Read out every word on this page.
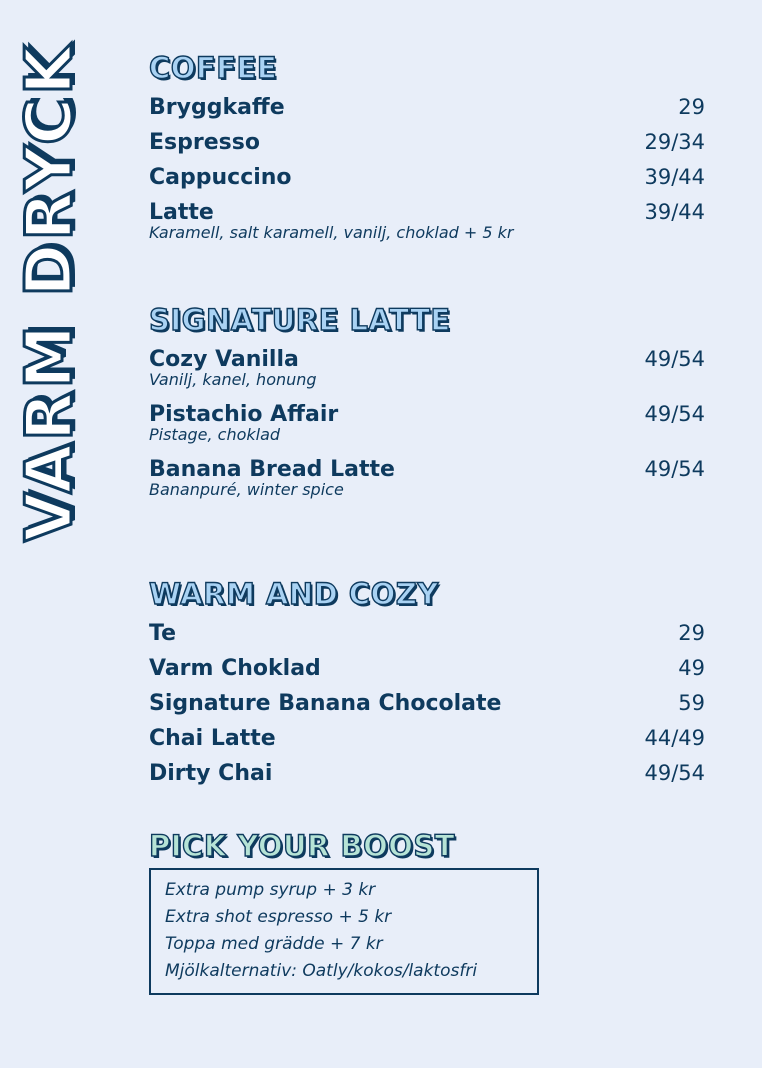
VARM DRYCK COFFEE
Bryggkaffe	29
Espresso	29/34
Cappuccino	39/44
Latte	39/44
Karamell, salt karamell, vanilj, choklad + 5 kr
SIGNATURE LATTE
Cozy Vanilla	49/54
Vanilj, kanel, honung
Pistachio Affair	49/54
Pistage, choklad
Banana Bread Latte	49/54
Bananpuré, winter spice
WARM AND COZY
Te	29
Varm Choklad	49
Signature Banana Chocolate	59
Chai Latte	44/49
Dirty Chai	49/54
PICK YOUR BOOST
Extra pump syrup + 3 kr
Extra shot espresso + 5 kr
Toppa med grädde + 7 kr
Mjölkalternativ: Oatly/kokos/laktosfri
